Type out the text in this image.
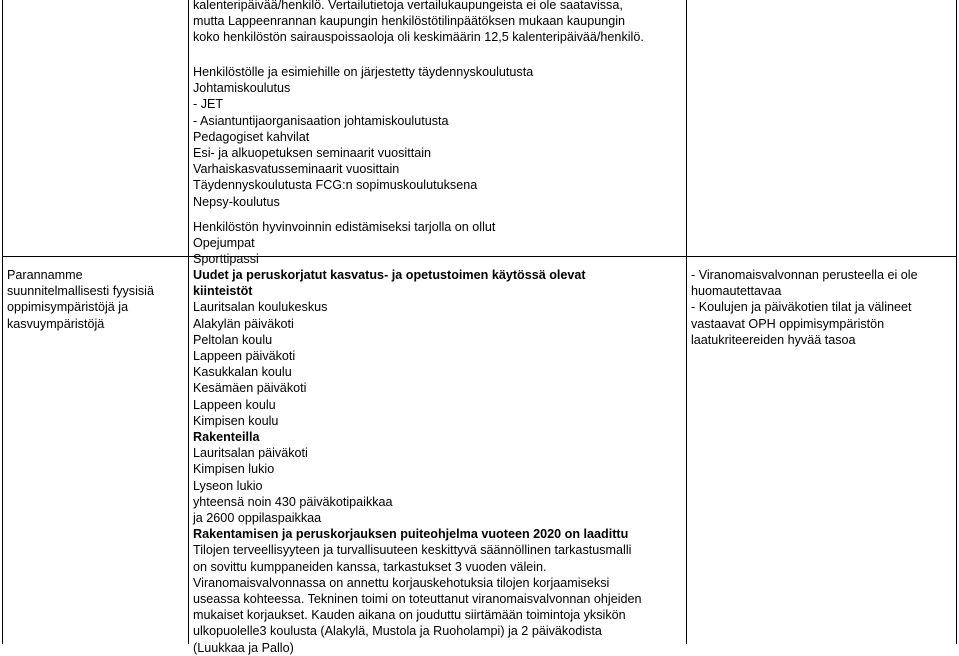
kalenteripäivää/henkilö. Vertailutietoja vertailukaupungeista ei ole saatavissa,
mutta Lappeenrannan kaupungin henkilöstötilinpäätöksen mukaan kaupungin
koko henkilöstön sairauspoissaoloja oli keskimäärin 12,5 kalenteripäivää/henkilö.
Henkilöstölle ja esimiehille on järjestetty täydennyskoulutusta
Johtamiskoulutus
- JET
- Asiantuntijaorganisaation johtamiskoulutusta
Pedagogiset kahvilat
Esi- ja alkuopetuksen seminaarit vuosittain
Varhaiskasvatusseminaarit vuosittain
Täydennyskoulutusta FCG:n sopimuskoulutuksena
Nepsy-koulutus
Henkilöstön hyvinvoinnin edistämiseksi tarjolla on ollut
Opejumpat
Sporttipassi
Parannamme
suunnitelmallisesti fyysisiä
oppimisympäristöjä ja
kasvuympäristöjä
Uudet ja peruskorjatut kasvatus- ja opetustoimen käytössä olevat
kiinteistöt
Lauritsalan koulukeskus
Alakylän päiväkoti
Peltolan koulu
Lappeen päiväkoti
Kasukkalan koulu
Kesämäen päiväkoti
Lappeen koulu
Kimpisen koulu
Rakenteilla
Lauritsalan päiväkoti
Kimpisen lukio
Lyseon lukio
yhteensä noin 430 päiväkotipaikkaa
ja 2600 oppilaspaikkaa
Rakentamisen ja peruskorjauksen puiteohjelma vuoteen 2020 on laadittu
Tilojen terveellisyyteen ja turvallisuuteen keskittyvä säännöllinen tarkastusmalli
on sovittu kumppaneiden kanssa, tarkastukset 3 vuoden välein.
Viranomaisvalvonnassa on annettu korjauskehotuksia tilojen korjaamiseksi
useassa kohteessa. Tekninen toimi on toteuttanut viranomaisvalvonnan ohjeiden
mukaiset korjaukset. Kauden aikana on jouduttu siirtämään toimintoja yksikön
ulkopuolelle3 koulusta (Alakylä, Mustola ja Ruoholampi) ja 2 päiväkodista
(Luukkaa ja Pallo)
- Viranomaisvalvonnan perusteella ei ole
huomautettavaa
- Koulujen ja päiväkotien tilat ja välineet
vastaavat OPH oppimisympäristön
laatukriteereiden hyvää tasoa
